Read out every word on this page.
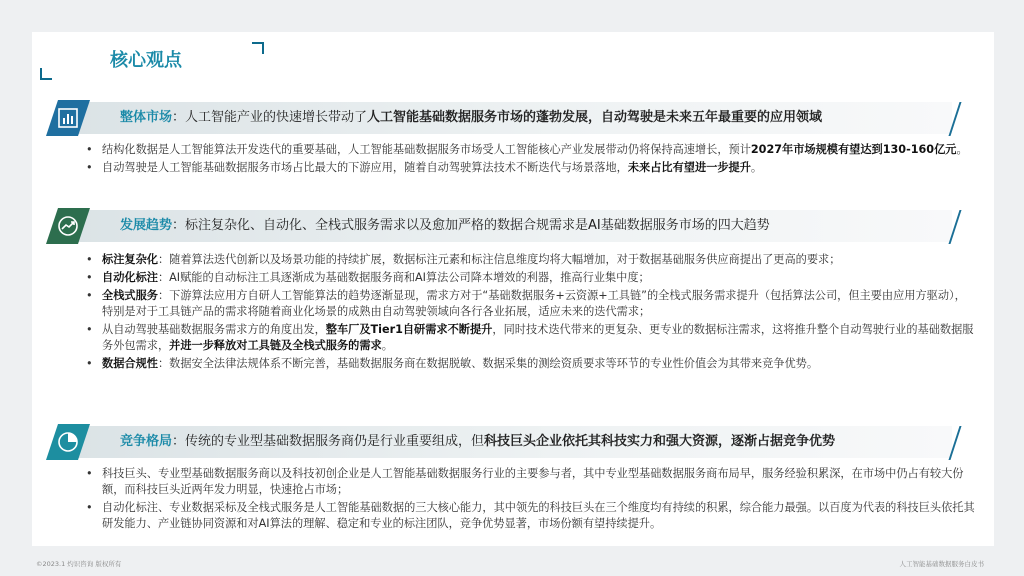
核心观点
整体市场：人工智能产业的快速增长带动了人工智能基础数据服务市场的蓬勃发展，自动驾驶是未来五年最重要的应用领域
• 结构化数据是人工智能算法开发迭代的重要基础，人工智能基础数据服务市场受人工智能核心产业发展带动仍将保持高速增长，预计2027年市场规模有望达到130-160亿元。
• 自动驾驶是人工智能基础数据服务市场占比最大的下游应用，随着自动驾驶算法技术不断迭代与场景落地，未来占比有望进一步提升。
发展趋势：标注复杂化、自动化、全栈式服务需求以及愈加严格的数据合规需求是AI基础数据服务市场的四大趋势
• 标注复杂化：随着算法迭代创新以及场景功能的持续扩展，数据标注元素和标注信息维度均将大幅增加，对于数据基础服务供应商提出了更高的要求；
• 自动化标注：AI赋能的自动标注工具逐渐成为基础数据服务商和AI算法公司降本增效的利器，推高行业集中度；
• 全栈式服务：下游算法应用方自研人工智能算法的趋势逐渐显现，需求方对于“基础数据服务+云资源+工具链”的全栈式服务需求提升（包括算法公司，但主要由应用方驱动），特别是对于工具链产品的需求将随着商业化场景的成熟由自动驾驶领域向各行各业拓展，适应未来的迭代需求；
• 从自动驾驶基础数据服务需求方的角度出发，整车厂及Tier1自研需求不断提升，同时技术迭代带来的更复杂、更专业的数据标注需求，这将推升整个自动驾驶行业的基础数据服务外包需求，并进一步释放对工具链及全栈式服务的需求。
• 数据合规性：数据安全法律法规体系不断完善，基础数据服务商在数据脱敏、数据采集的测绘资质要求等环节的专业性价值会为其带来竞争优势。
竞争格局：传统的专业型基础数据服务商仍是行业重要组成，但科技巨头企业依托其科技实力和强大资源，逐渐占据竞争优势
• 科技巨头、专业型基础数据服务商以及科技初创企业是人工智能基础数据服务行业的主要参与者，其中专业型基础数据服务商布局早，服务经验积累深，在市场中仍占有较大份额，而科技巨头近两年发力明显，快速抢占市场；
• 自动化标注、专业数据采标及全栈式服务是人工智能基础数据的三大核心能力，其中领先的科技巨头在三个维度均有持续的积累，综合能力最强。以百度为代表的科技巨头依托其研发能力、产业链协同资源和对AI算法的理解、稳定和专业的标注团队，竞争优势显著，市场份额有望持续提升。
©2023.1 灼识咨询 版权所有	人工智能基础数据服务白皮书
